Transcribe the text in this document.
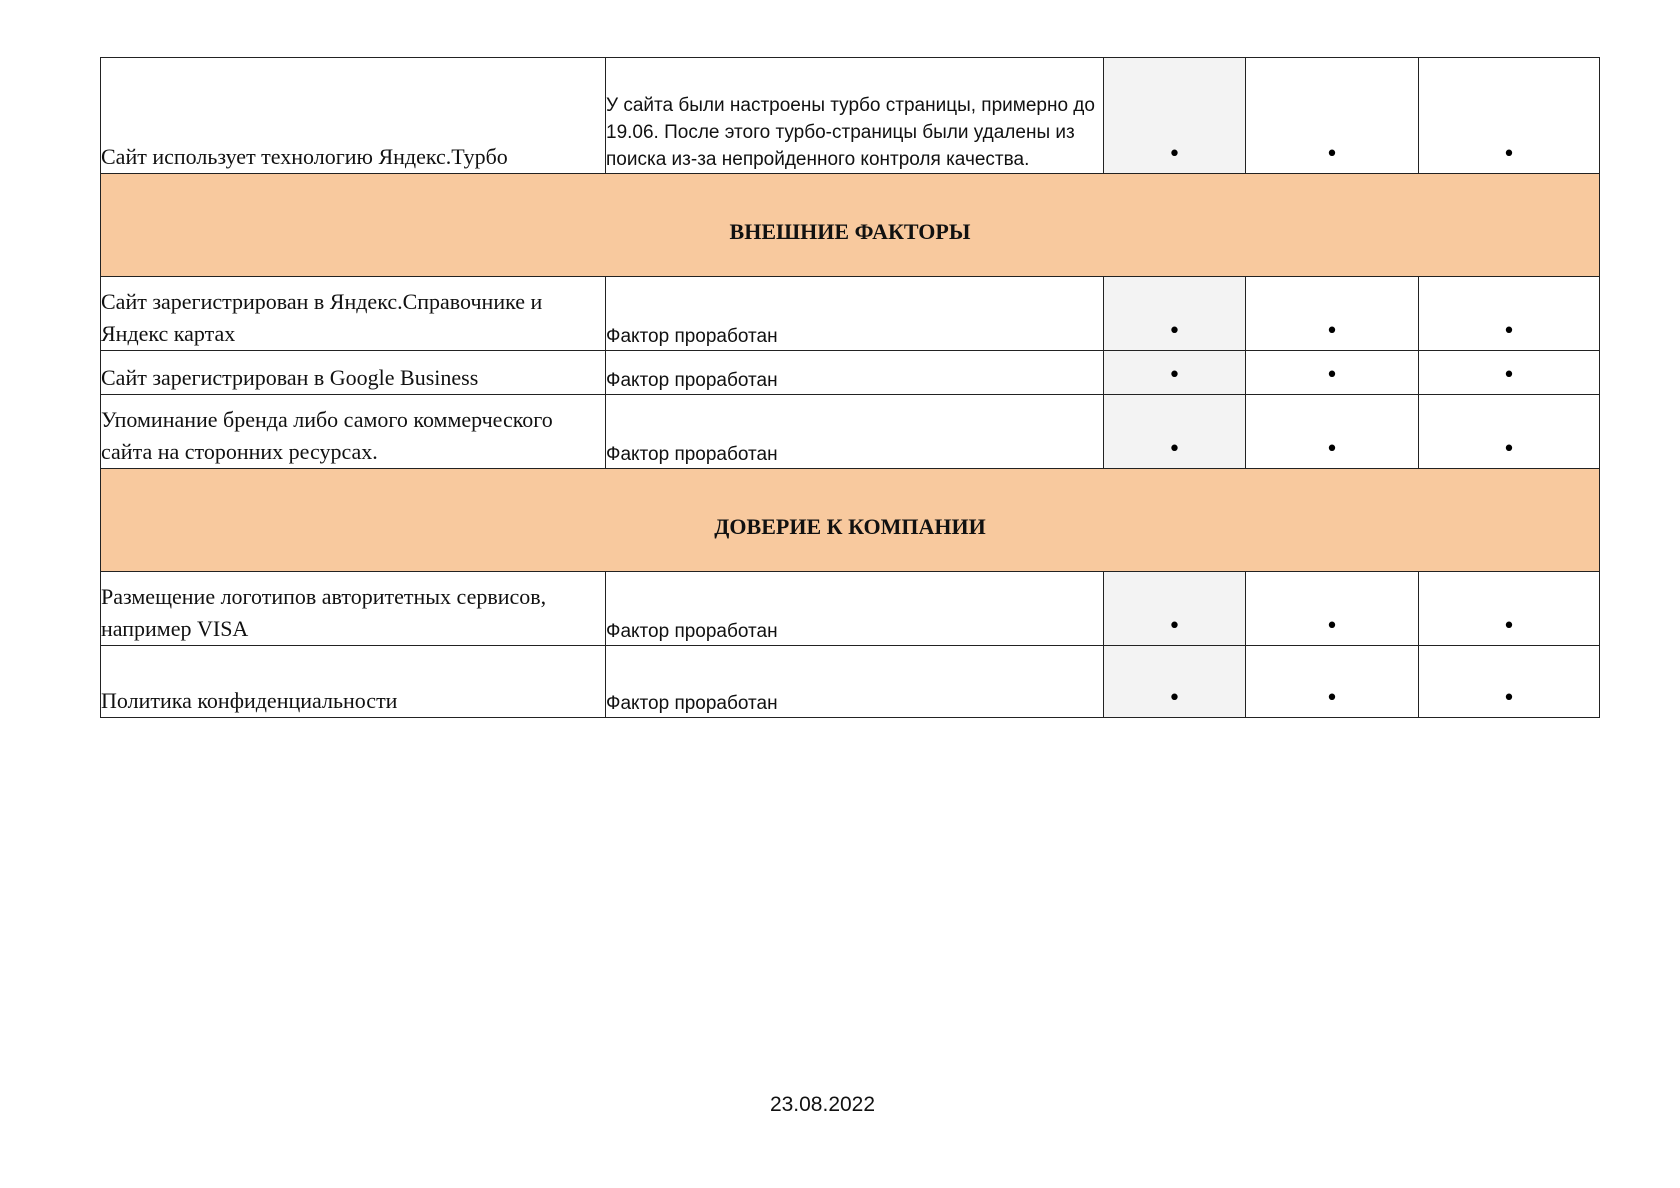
Сайт использует технологию Яндекс.Турбо	У сайта были настроены турбо страницы, примерно до 19.06. После этого турбо-страницы были удалены из поиска из-за непройденного контроля качества.	•	•	•
ВНЕШНИЕ ФАКТОРЫ				
Сайт зарегистрирован в Яндекс.Справочнике и Яндекс картах	Фактор проработан	•	•	•
Сайт зарегистрирован в Google Business	Фактор проработан	•	•	•
Упоминание бренда либо самого коммерческого сайта на сторонних ресурсах.	Фактор проработан	•	•	•
ДОВЕРИЕ К КОМПАНИИ				
Размещение логотипов авторитетных сервисов, например VISA	Фактор проработан	•	•	•
Политика конфиденциальности	Фактор проработан	•	•	•
23.08.2022
